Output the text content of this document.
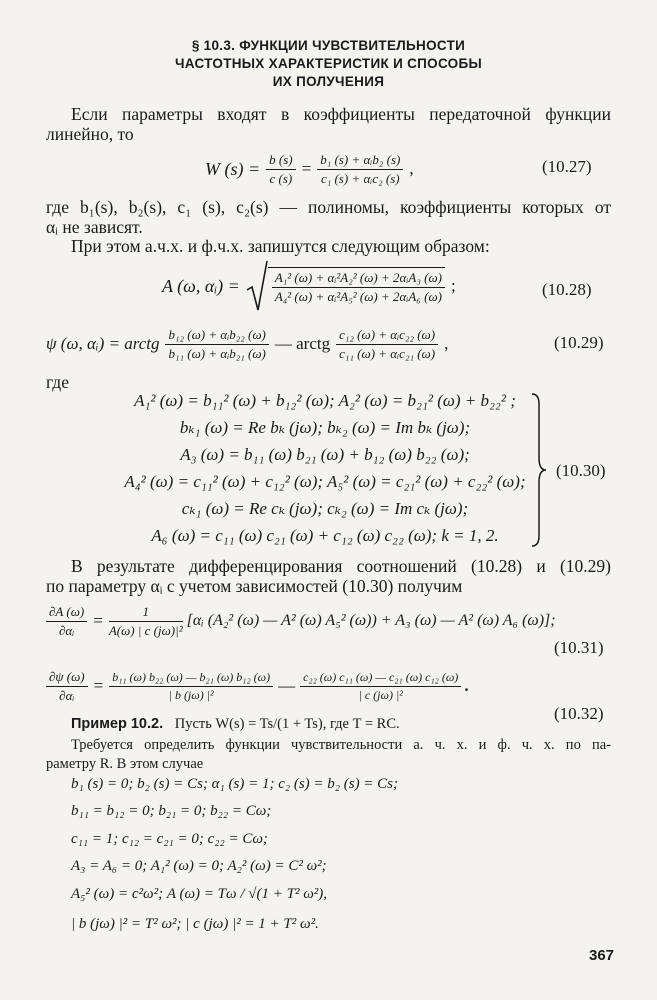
§ 10.3. ФУНКЦИИ ЧУВСТВИТЕЛЬНОСТИ
ЧАСТОТНЫХ ХАРАКТЕРИСТИК И СПОСОБЫ
ИХ ПОЛУЧЕНИЯ
Если параметры входят в коэффициенты передаточной функции
линейно, то
W $(s) = \frac{b (s)}{c (s)} = \frac{\text{b₁ (s) + αᵢb₂ (s)}}{\text{c₁ (s) + αᵢc₂ (s)}}$ ,	(10.27)
где b₁(s), b₂(s), c₁ (s), c₂(s) — полиномы, коэффициенты которых от
αᵢ не зависят.
При этом а.ч.х. и ф.ч.х. запишутся следующим образом:
A (ω, αᵢ) = $\frac{\text{A₁² (ω) + αᵢ²A₂² (ω) + 2αᵢA₃ (ω)}}{\text{A₄² (ω) + αᵢ²A₅² (ω) + 2αᵢA₆ (ω)}}$ ;	(10.28)
ψ (ω, αᵢ) = arctg $\frac{\text{b₁₂ (ω) + αᵢb₂₂ (ω)}}{\text{b₁₁ (ω) + αᵢb₂₁ (ω)}}$ — arctg $\frac{\text{c₁₂ (ω) + αᵢc₂₂ (ω)}}{\text{c₁₁ (ω) + αᵢc₂₁ (ω)}}$ ,	(10.29)
где
A₁² (ω) = b₁₁² (ω) + b₁₂² (ω); A₂² (ω) = b₂₁² (ω) + b₂₂² ;
bₖ₁ (ω) = Re bₖ (jω); bₖ₂ (ω) = Im bₖ (jω);
A₃ (ω) = b₁₁ (ω) b₂₁ (ω) + b₁₂ (ω) b₂₂ (ω);
A₄² (ω) = c₁₁² (ω) + c₁₂² (ω); A₅² (ω) = c₂₁² (ω) + c₂₂² (ω);
cₖ₁ (ω) = Re cₖ (jω); cₖ₂ (ω) = Im cₖ (jω);
A₆ (ω) = c₁₁ (ω) c₂₁ (ω) + c₁₂ (ω) c₂₂ (ω); k = 1, 2.
(10.30)
В результате дифференцирования соотношений (10.28) и (10.29)
по параметру αᵢ с учетом зависимостей (10.30) получим
$\frac{\partial A (\omega)}{\text{∂αᵢ}} = \frac{1}{\text{A(ω) | c (jω)|²}}$ [αᵢ (A₂² (ω) — A² (ω) A₅² (ω)) + A₃ (ω) — A² (ω) A₆ (ω)];
(10.31)
$\frac{\partial\psi (\omega)}{\text{∂αᵢ}} = \frac{\text{b₁₁ (ω) b₂₂ (ω) — b₂₁ (ω) b₁₂ (ω)}}{\text{| b (jω) |²}}$ — $\frac{\text{c₂₂ (ω) c₁₁ (ω) — c₂₁ (ω) c₁₂ (ω)}}{\text{| c (jω) |²}}$ .
(10.32)
Пример 10.2. Пусть W(s) = Ts/(1 + Ts), где T = RC.
Требуется определить функции чувствительности а. ч. х. и ф. ч. х. по па-
раметру R. В этом случае
b₁ (s) = 0; b₂ (s) = Cs; α₁ (s) = 1; c₂ (s) = b₂ (s) = Cs;
b₁₁ = b₁₂ = 0; b₂₁ = 0; b₂₂ = Cω;
c₁₁ = 1; c₁₂ = c₂₁ = 0; c₂₂ = Cω;
A₃ = A₆ = 0; A₁² (ω) = 0; A₂² (ω) = C² ω²;
A₅² (ω) = c²ω²; A (ω) = Tω / √(1 + T² ω²),
| b (jω) |² = T² ω²; | c (jω) |² = 1 + T² ω².
367
